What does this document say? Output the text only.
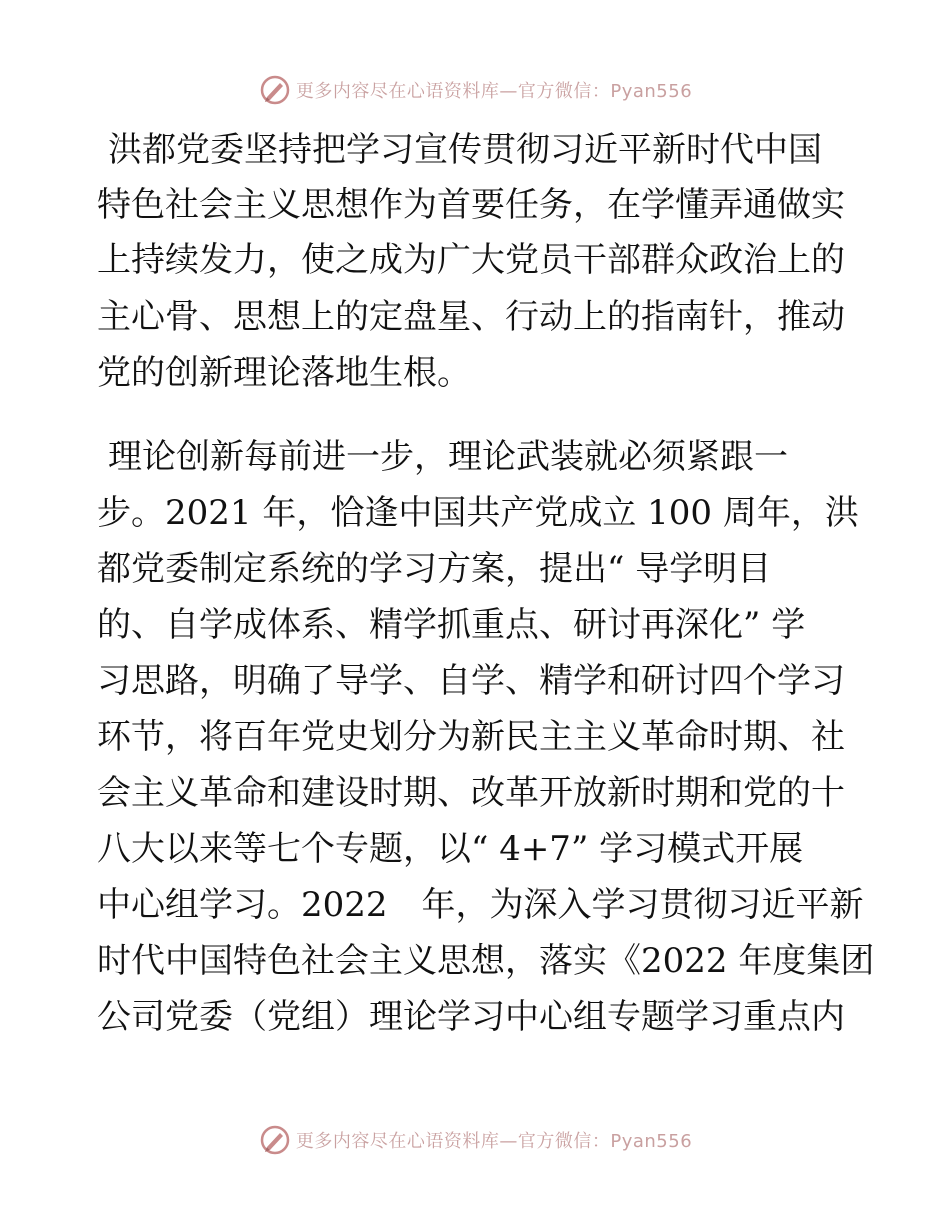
更多内容尽在心语资料库—官方微信：Pyan556
洪都党委坚持把学习宣传贯彻习近平新时代中国
特色社会主义思想作为首要任务，在学懂弄通做实
上持续发力，使之成为广大党员干部群众政治上的
主心骨、思想上的定盘星、行动上的指南针，推动
党的创新理论落地生根。
理论创新每前进一步，理论武装就必须紧跟一
步。2021 年，恰逢中国共产党成立 100 周年，洪
都党委制定系统的学习方案，提出“ 导学明目
的、自学成体系、精学抓重点、研讨再深化” 学
习思路，明确了导学、自学、精学和研讨四个学习
环节，将百年党史划分为新民主主义革命时期、社
会主义革命和建设时期、改革开放新时期和党的十
八大以来等七个专题，以“ 4+7” 学习模式开展
中心组学习。2022　年，为深入学习贯彻习近平新
时代中国特色社会主义思想，落实《2022 年度集团
公司党委（党组）理论学习中心组专题学习重点内
更多内容尽在心语资料库—官方微信：Pyan556
